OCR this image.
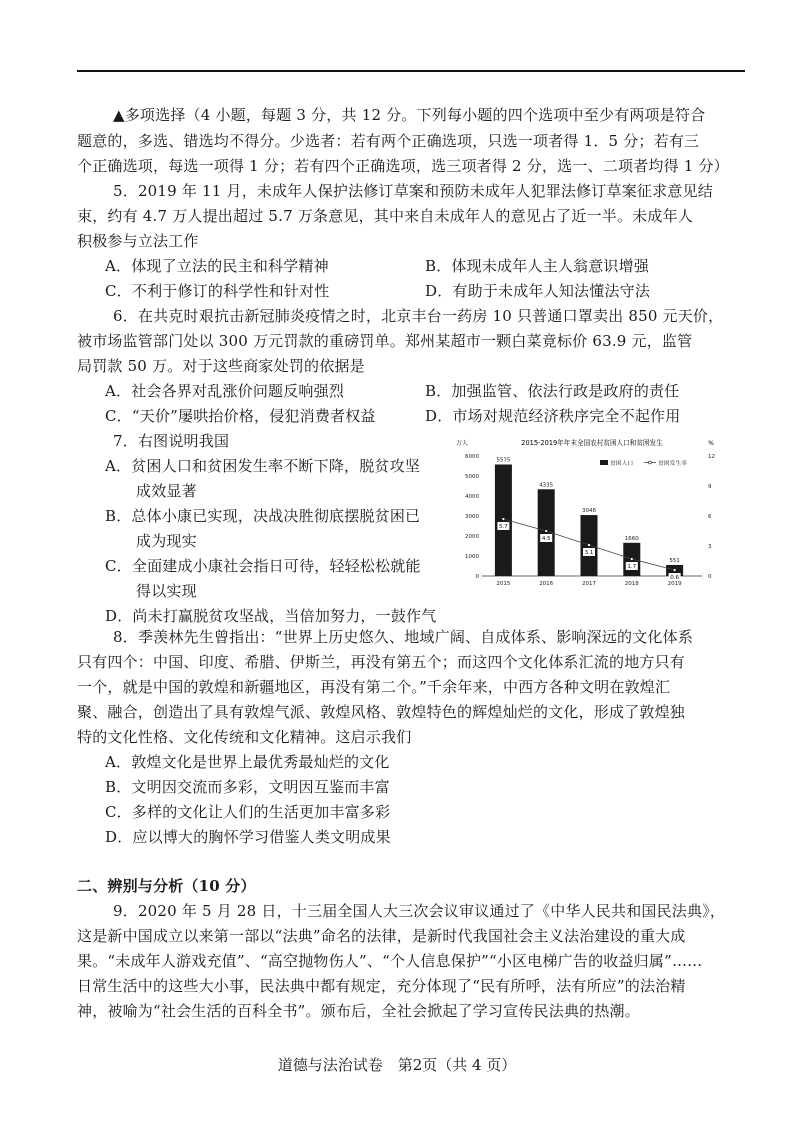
▲多项选择（4 小题，每题 3 分，共 12 分。下列每小题的四个选项中至少有两项是符合
题意的，多选、错选均不得分。少选者：若有两个正确选项，只选一项者得 1．5 分；若有三
个正确选项，每选一项得 1 分；若有四个正确选项，选三项者得 2 分，选一、二项者均得 1 分）
5．2019 年 11 月，未成年人保护法修订草案和预防未成年人犯罪法修订草案征求意见结
束，约有 4.7 万人提出超过 5.7 万条意见，其中来自未成年人的意见占了近一半。未成年人
积极参与立法工作
A．体现了立法的民主和科学精神	B．体现未成年人主人翁意识增强
C．不利于修订的科学性和针对性	D．有助于未成年人知法懂法守法
6．在共克时艰抗击新冠肺炎疫情之时，北京丰台一药房 10 只普通口罩卖出 850 元天价，
被市场监管部门处以 300 万元罚款的重磅罚单。郑州某超市一颗白菜竟标价 63.9 元，监管
局罚款 50 万。对于这些商家处罚的依据是
A．社会各界对乱涨价问题反响强烈	B．加强监管、依法行政是政府的责任
C．“天价”屡哄抬价格，侵犯消费者权益	D．市场对规范经济秩序完全不起作用
7．右图说明我国
A．贫困人口和贫困发生率不断下降，脱贫攻坚
成效显著
B．总体小康已实现，决战决胜彻底摆脱贫困已
成为现实
C．全面建成小康社会指日可待，轻轻松松就能
得以实现
D．尚未打赢脱贫攻坚战，当倍加努力，一鼓作气
2015-2019年年末全国农村贫困人口和贫困发生
万人	%
0
1000
2000
3000
4000
5000
6000
0
3
6
9
12
5575
2015
4335
2016
3046
2017
1660
2018
551
2019
5.7
4.5
3.1
1.7
0.6
贫困人口	贫困发生率
8．季羡林先生曾指出：“世界上历史悠久、地域广阔、自成体系、影响深远的文化体系
只有四个：中国、印度、希腊、伊斯兰，再没有第五个；而这四个文化体系汇流的地方只有
一个，就是中国的敦煌和新疆地区，再没有第二个。”千余年来，中西方各种文明在敦煌汇
聚、融合，创造出了具有敦煌气派、敦煌风格、敦煌特色的辉煌灿烂的文化，形成了敦煌独
特的文化性格、文化传统和文化精神。这启示我们
A．敦煌文化是世界上最优秀最灿烂的文化
B．文明因交流而多彩，文明因互鉴而丰富
C．多样的文化让人们的生活更加丰富多彩
D．应以博大的胸怀学习借鉴人类文明成果
二、辨别与分析（10 分）
9．2020 年 5 月 28 日，十三届全国人大三次会议审议通过了《中华人民共和国民法典》，
这是新中国成立以来第一部以“法典”命名的法律，是新时代我国社会主义法治建设的重大成
果。“未成年人游戏充值”、“高空抛物伤人”、“个人信息保护”“小区电梯广告的收益归属”……
日常生活中的这些大小事，民法典中都有规定，充分体现了“民有所呼，法有所应”的法治精
神，被喻为“社会生活的百科全书”。颁布后，全社会掀起了学习宣传民法典的热潮。
道德与法治试卷　第2页（共 4 页）
